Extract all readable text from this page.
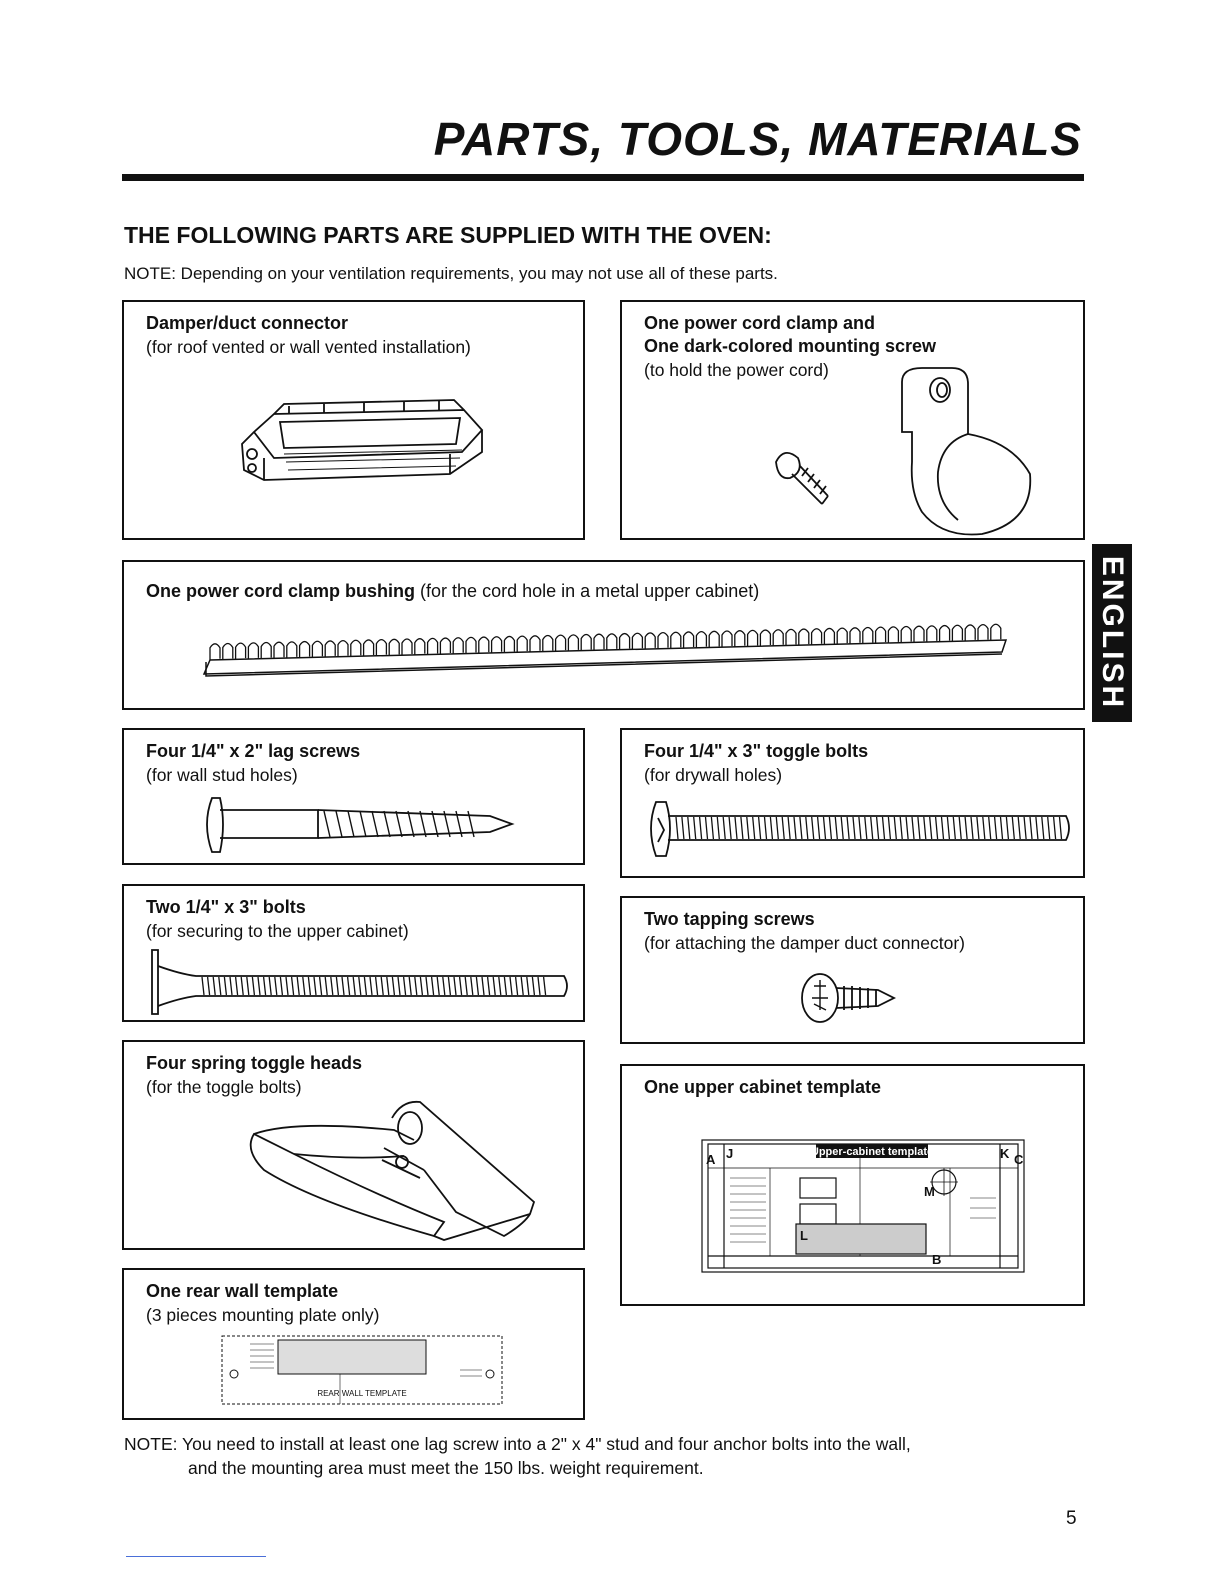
PARTS, TOOLS, MATERIALS
THE FOLLOWING PARTS ARE SUPPLIED WITH THE OVEN:
NOTE: Depending on your ventilation requirements, you may not use all of these parts.
Damper/duct connector
(for roof vented or wall vented installation)
One power cord clamp and
One dark-colored mounting screw
(to hold the power cord)
One power cord clamp bushing (for the cord hole in a metal upper cabinet)
Four 1/4" x 2" lag screws
(for wall stud holes)
Four 1/4" x 3" toggle bolts
(for drywall holes)
Two 1/4" x 3" bolts
(for securing to the upper cabinet)
Two tapping screws
(for attaching the damper duct connector)
Four spring toggle heads
(for the toggle bolts)	One upper cabinet template
Upper-cabinet template
A J	K C
M
L
B
One rear wall template
(3 pieces mounting plate only)
REAR WALL TEMPLATE
ENGLISH
NOTE: You need to install at least one lag screw into a 2" x 4" stud and four anchor bolts into the wall,
and the mounting area must meet the 150 lbs. weight requirement.
5
